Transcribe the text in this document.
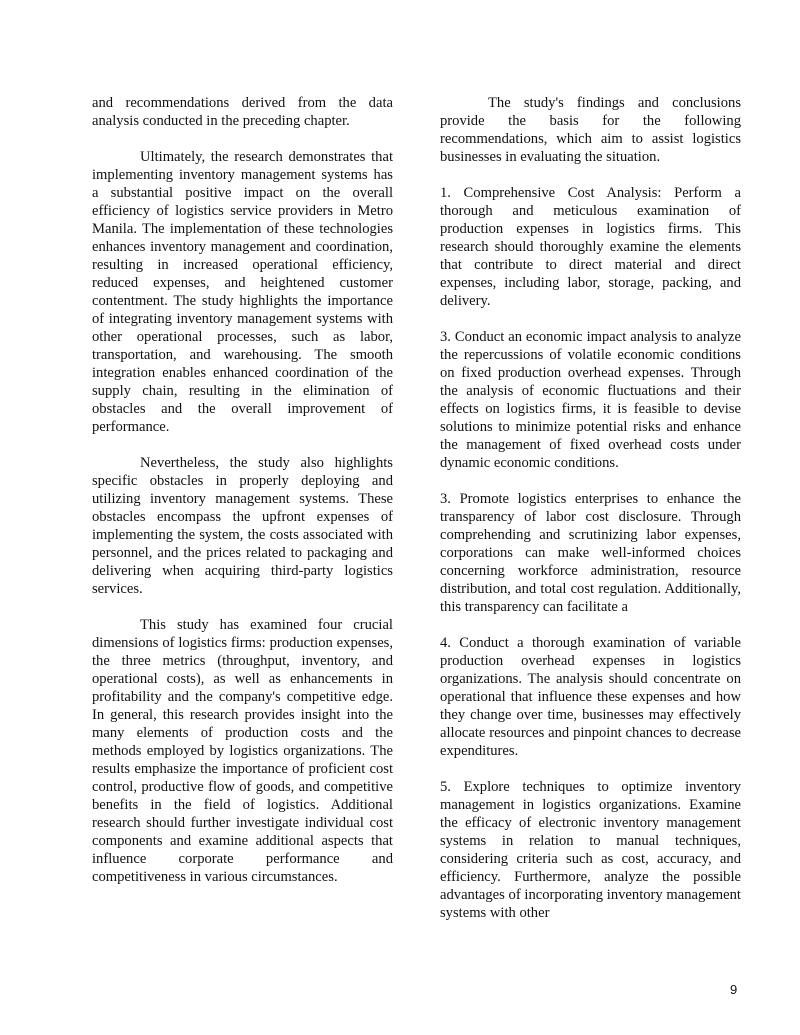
and recommendations derived from the data analysis conducted in the preceding chapter.

Ultimately, the research demonstrates that implementing inventory management systems has a substantial positive impact on the overall efficiency of logistics service providers in Metro Manila. The implementation of these technologies enhances inventory management and coordination, resulting in increased operational efficiency, reduced expenses, and heightened customer contentment. The study highlights the importance of integrating inventory management systems with other operational processes, such as labor, transportation, and warehousing. The smooth integration enables enhanced coordination of the supply chain, resulting in the elimination of obstacles and the overall improvement of performance.

Nevertheless, the study also highlights specific obstacles in properly deploying and utilizing inventory management systems. These obstacles encompass the upfront expenses of implementing the system, the costs associated with personnel, and the prices related to packaging and delivering when acquiring third-party logistics services.

This study has examined four crucial dimensions of logistics firms: production expenses, the three metrics (throughput, inventory, and operational costs), as well as enhancements in profitability and the company's competitive edge. In general, this research provides insight into the many elements of production costs and the methods employed by logistics organizations. The results emphasize the importance of proficient cost control, productive flow of goods, and competitive benefits in the field of logistics. Additional research should further investigate individual cost components and examine additional aspects that influence corporate performance and competitiveness in various circumstances.

The study's findings and conclusions provide the basis for the following recommendations, which aim to assist logistics businesses in evaluating the situation.

1. Comprehensive Cost Analysis: Perform a thorough and meticulous examination of production expenses in logistics firms. This research should thoroughly examine the elements that contribute to direct material and direct expenses, including labor, storage, packing, and delivery.

3. Conduct an economic impact analysis to analyze the repercussions of volatile economic conditions on fixed production overhead expenses. Through the analysis of economic fluctuations and their effects on logistics firms, it is feasible to devise solutions to minimize potential risks and enhance the management of fixed overhead costs under dynamic economic conditions.

3. Promote logistics enterprises to enhance the transparency of labor cost disclosure. Through comprehending and scrutinizing labor expenses, corporations can make well-informed choices concerning workforce administration, resource distribution, and total cost regulation. Additionally, this transparency can facilitate a

4. Conduct a thorough examination of variable production overhead expenses in logistics organizations. The analysis should concentrate on operational that influence these expenses and how they change over time, businesses may effectively allocate resources and pinpoint chances to decrease expenditures.

5. Explore techniques to optimize inventory management in logistics organizations. Examine the efficacy of electronic inventory management systems in relation to manual techniques, considering criteria such as cost, accuracy, and efficiency. Furthermore, analyze the possible advantages of incorporating inventory management systems with other

9
